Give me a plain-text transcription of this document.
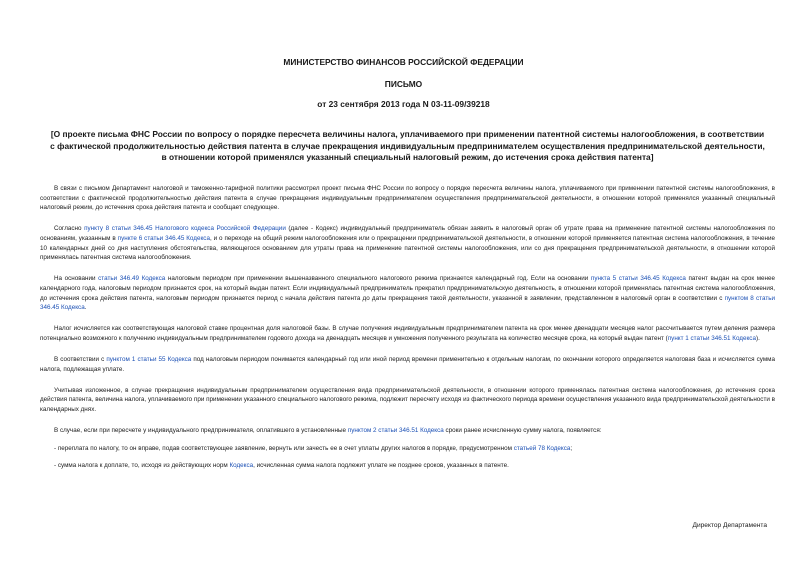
МИНИСТЕРСТВО ФИНАНСОВ РОССИЙСКОЙ ФЕДЕРАЦИИ
ПИСЬМО
от 23 сентября 2013 года N 03-11-09/39218
[О проекте письма ФНС России по вопросу о порядке пересчета величины налога, уплачиваемого при применении патентной системы налогообложения, в соответствии с фактической продолжительностью действия патента в случае прекращения индивидуальным предпринимателем осуществления предпринимательской деятельности, в отношении которой применялся указанный специальный налоговый режим, до истечения срока действия патента]

В связи с письмом Департамент налоговой и таможенно-тарифной политики рассмотрел проект письма ФНС России по вопросу о порядке пересчета величины налога, уплачиваемого при применении патентной системы налогообложения, в соответствии с фактической продолжительностью действия патента в случае прекращения индивидуальным предпринимателем осуществления предпринимательской деятельности, в отношении которой применялся указанный специальный налоговый режим, до истечения срока действия патента и сообщает следующее.

Согласно пункту 8 статьи 346.45 Налогового кодекса Российской Федерации (далее - Кодекс) индивидуальный предприниматель обязан заявить в налоговый орган об утрате права на применение патентной системы налогообложения по основаниям, указанным в пункте 6 статьи 346.45 Кодекса, и о переходе на общий режим налогообложения или о прекращении предпринимательской деятельности, в отношении которой применяется патентная система налогообложения, в течение 10 календарных дней со дня наступления обстоятельства, являющегося основанием для утраты права на применение патентной системы налогообложения, или со дня прекращения предпринимательской деятельности, в отношении которой применялась патентная система налогообложения.

На основании статьи 346.49 Кодекса налоговым периодом при применении вышеназванного специального налогового режима признается календарный год. Если на основании пункта 5 статьи 346.45 Кодекса патент выдан на срок менее календарного года, налоговым периодом признается срок, на который выдан патент. Если индивидуальный предприниматель прекратил предпринимательскую деятельность, в отношении которой применялась патентная система налогообложения, до истечения срока действия патента, налоговым периодом признается период с начала действия патента до даты прекращения такой деятельности, указанной в заявлении, представленном в налоговый орган в соответствии с пунктом 8 статьи 346.45 Кодекса.

Налог исчисляется как соответствующая налоговой ставке процентная доля налоговой базы. В случае получения индивидуальным предпринимателем патента на срок менее двенадцати месяцев налог рассчитывается путем деления размера потенциально возможного к получению индивидуальным предпринимателем годового дохода на двенадцать месяцев и умножения полученного результата на количество месяцев срока, на который выдан патент (пункт 1 статьи 346.51 Кодекса).

В соответствии с пунктом 1 статьи 55 Кодекса под налоговым периодом понимается календарный год или иной период времени применительно к отдельным налогам, по окончании которого определяется налоговая база и исчисляется сумма налога, подлежащая уплате.

Учитывая изложенное, в случае прекращения индивидуальным предпринимателем осуществления вида предпринимательской деятельности, в отношении которого применялась патентная система налогообложения, до истечения срока действия патента, величина налога, уплачиваемого при применении указанного специального налогового режима, подлежит пересчету исходя из фактического периода времени осуществления указанного вида предпринимательской деятельности в календарных днях.

В случае, если при пересчете у индивидуального предпринимателя, оплатившего в установленные пунктом 2 статьи 346.51 Кодекса сроки ранее исчисленную сумму налога, появляется:

- переплата по налогу, то он вправе, подав соответствующее заявление, вернуть или зачесть ее в счет уплаты других налогов в порядке, предусмотренном статьей 78 Кодекса;

- сумма налога к доплате, то, исходя из действующих норм Кодекса, исчисленная сумма налога подлежит уплате не позднее сроков, указанных в патенте.

Директор Департамента
